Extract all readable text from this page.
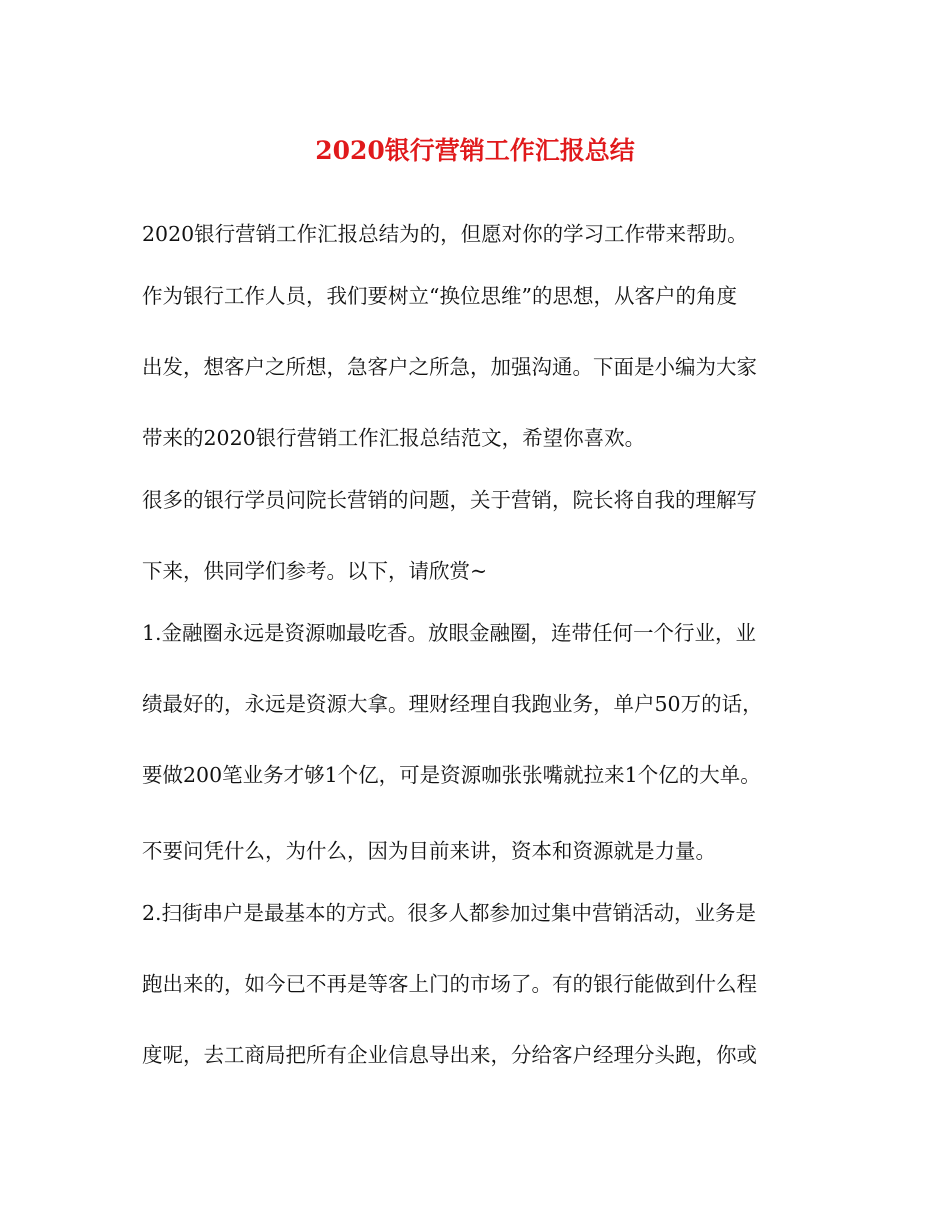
2020银行营销工作汇报总结
2020银行营销工作汇报总结为的，但愿对你的学习工作带来帮助。
作为银行工作人员，我们要树立“换位思维”的思想，从客户的角度
出发，想客户之所想，急客户之所急，加强沟通。下面是小编为大家
带来的2020银行营销工作汇报总结范文，希望你喜欢。
很多的银行学员问院长营销的问题，关于营销，院长将自我的理解写
下来，供同学们参考。以下，请欣赏~
1.金融圈永远是资源咖最吃香。放眼金融圈，连带任何一个行业，业
绩最好的，永远是资源大拿。理财经理自我跑业务，单户50万的话，
要做200笔业务才够1个亿，可是资源咖张张嘴就拉来1个亿的大单。
不要问凭什么，为什么，因为目前来讲，资本和资源就是力量。
2.扫街串户是最基本的方式。很多人都参加过集中营销活动，业务是
跑出来的，如今已不再是等客上门的市场了。有的银行能做到什么程
度呢，去工商局把所有企业信息导出来，分给客户经理分头跑，你或
